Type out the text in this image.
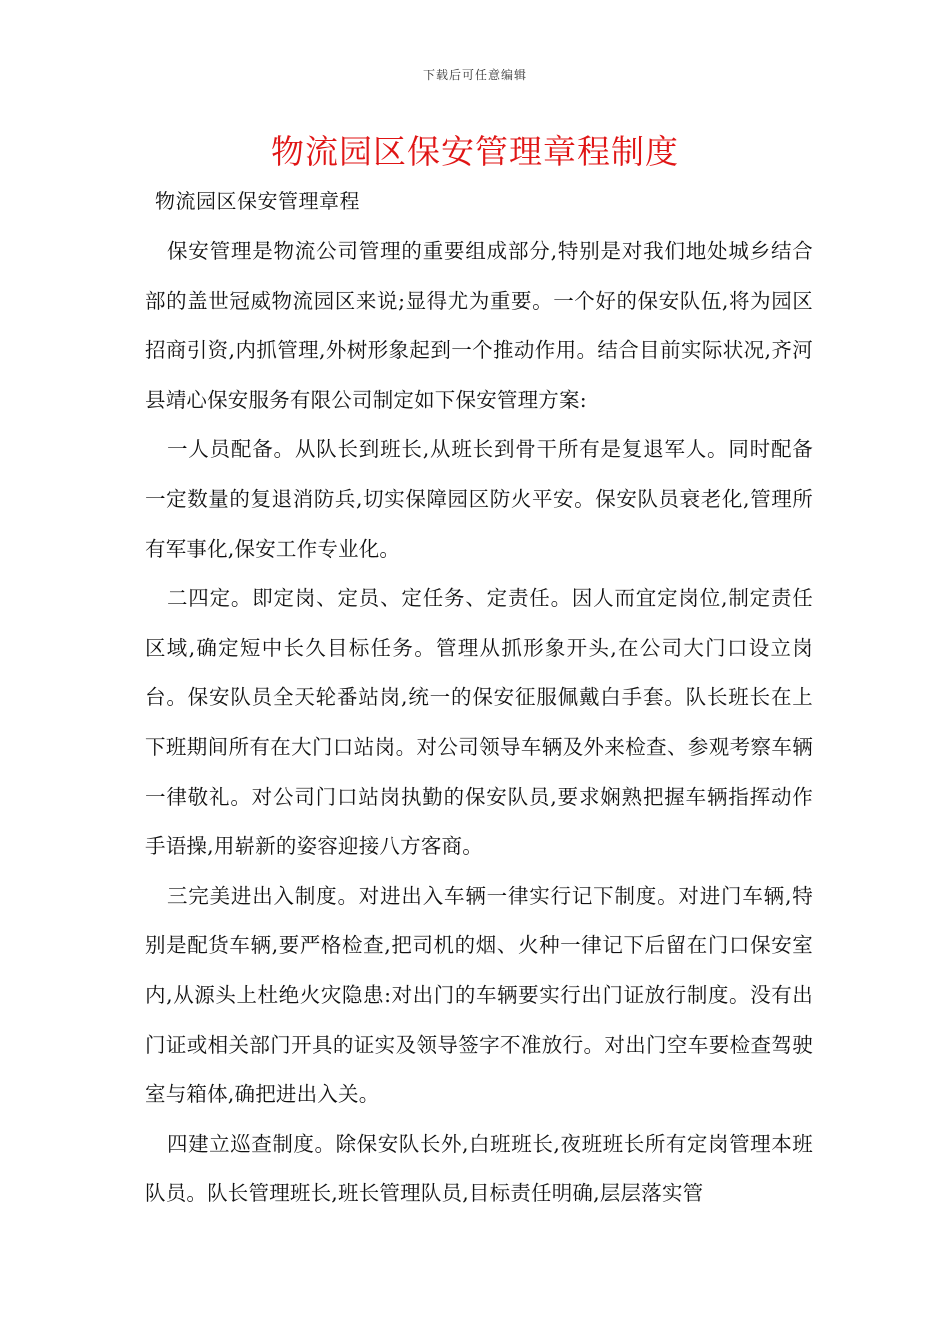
下载后可任意编辑
物流园区保安管理章程制度
物流园区保安管理章程

保安管理是物流公司管理的重要组成部分,特别是对我们地处城乡结合部的盖世冠威物流园区来说;显得尤为重要。一个好的保安队伍,将为园区招商引资,内抓管理,外树形象起到一个推动作用。结合目前实际状况,齐河县靖心保安服务有限公司制定如下保安管理方案:

一人员配备。从队长到班长,从班长到骨干所有是复退军人。同时配备一定数量的复退消防兵,切实保障园区防火平安。保安队员衰老化,管理所有军事化,保安工作专业化。

二四定。即定岗、定员、定任务、定责任。因人而宜定岗位,制定责任区域,确定短中长久目标任务。管理从抓形象开头,在公司大门口设立岗台。保安队员全天轮番站岗,统一的保安征服佩戴白手套。队长班长在上下班期间所有在大门口站岗。对公司领导车辆及外来检查、参观考察车辆一律敬礼。对公司门口站岗执勤的保安队员,要求娴熟把握车辆指挥动作手语操,用崭新的姿容迎接八方客商。

三完美进出入制度。对进出入车辆一律实行记下制度。对进门车辆,特别是配货车辆,要严格检查,把司机的烟、火种一律记下后留在门口保安室内,从源头上杜绝火灾隐患:对出门的车辆要实行出门证放行制度。没有出门证或相关部门开具的证实及领导签字不准放行。对出门空车要检查驾驶室与箱体,确把进出入关。

四建立巡查制度。除保安队长外,白班班长,夜班班长所有定岗管理本班队员。队长管理班长,班长管理队员,目标责任明确,层层落实管
